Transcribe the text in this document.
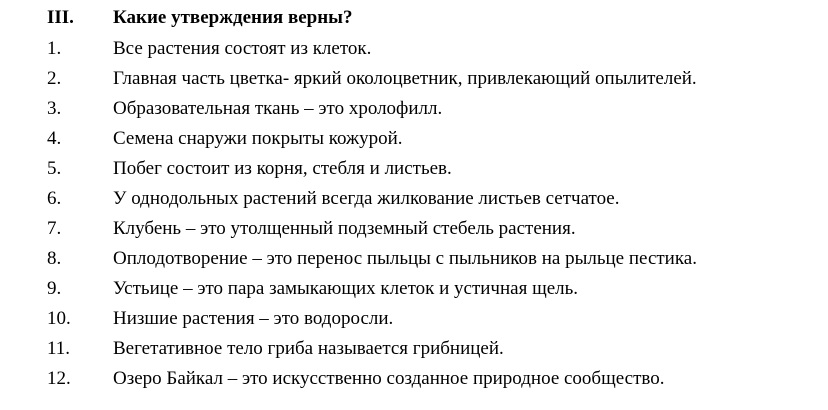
III. Какие утверждения верны?
1.	Все растения состоят из клеток.
2.	Главная часть цветка- яркий околоцветник, привлекающий опылителей.
3.	Образовательная ткань – это хролофилл.
4.	Семена снаружи покрыты кожурой.
5.	Побег состоит из корня, стебля и листьев.
6.	У однодольных растений всегда жилкование листьев сетчатое.
7.	Клубень – это утолщенный подземный стебель растения.
8.	Оплодотворение – это перенос пыльцы с пыльников на рыльце пестика.
9.	Устьице – это пара замыкающих клеток и устичная щель.
10. Низшие растения – это водоросли.
11. Вегетативное тело гриба называется грибницей.
12. Озеро Байкал – это искусственно созданное природное сообщество.
